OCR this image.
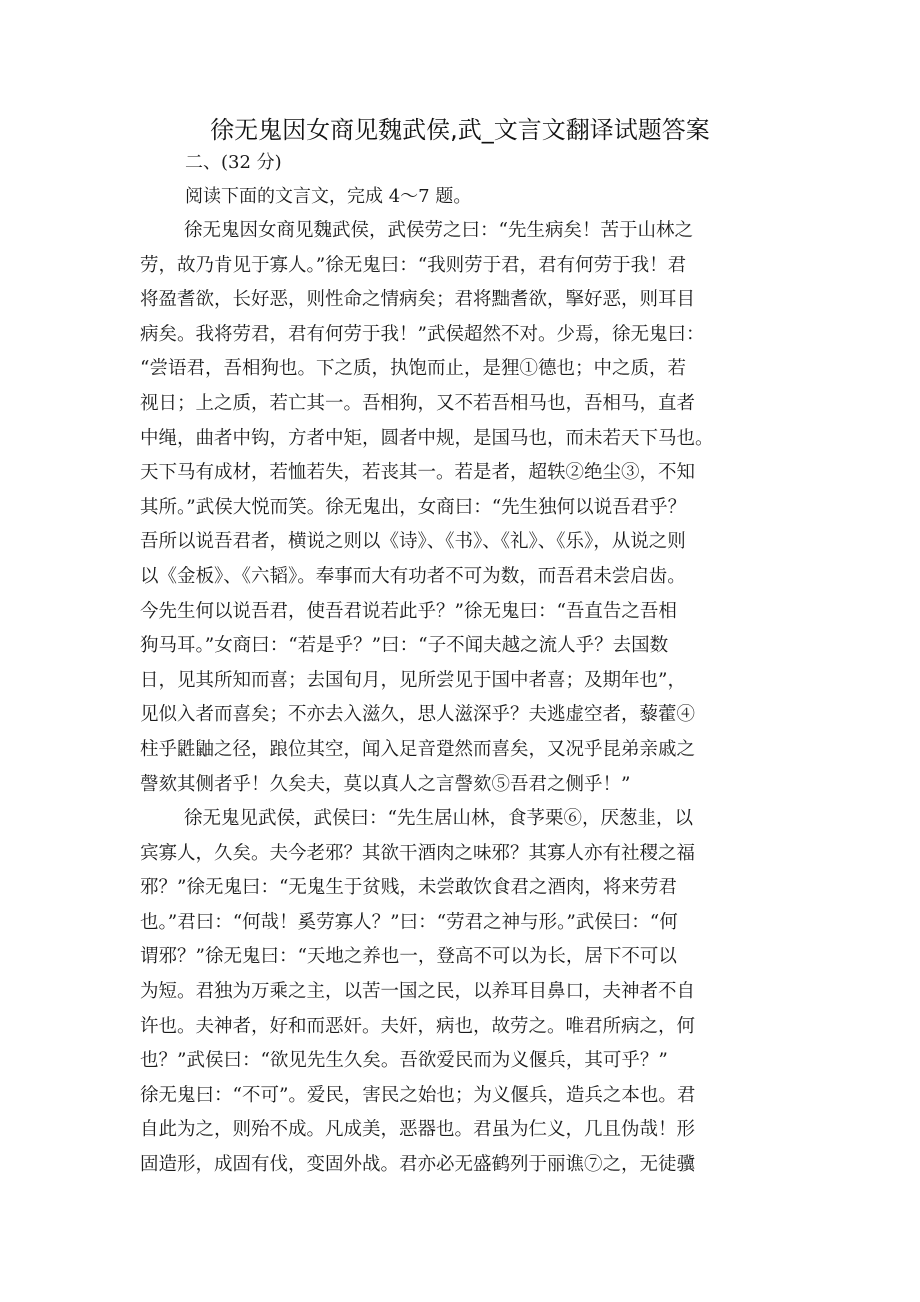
徐无鬼因女商见魏武侯,武_文言文翻译试题答案
二、(32 分)
阅读下面的文言文，完成 4～7 题。
徐无鬼因女商见魏武侯，武侯劳之曰：“先生病矣！苦于山林之
劳，故乃肯见于寡人。”徐无鬼曰：“我则劳于君，君有何劳于我！君
将盈耆欲，长好恶，则性命之情病矣；君将黜耆欲，掔好恶，则耳目
病矣。我将劳君，君有何劳于我！”武侯超然不对。少焉，徐无鬼曰：
“尝语君，吾相狗也。下之质，执饱而止，是狸①德也；中之质，若
视日；上之质，若亡其一。吾相狗，又不若吾相马也，吾相马，直者
中绳，曲者中钩，方者中矩，圆者中规，是国马也，而未若天下马也。
天下马有成材，若恤若失，若丧其一。若是者，超轶②绝尘③，不知
其所。”武侯大悦而笑。徐无鬼出，女商曰：“先生独何以说吾君乎？
吾所以说吾君者，横说之则以《诗》、《书》、《礼》、《乐》，从说之则
以《金板》、《六韬》。奉事而大有功者不可为数，而吾君未尝启齿。
今先生何以说吾君，使吾君说若此乎？”徐无鬼曰：“吾直告之吾相
狗马耳。”女商曰：“若是乎？”曰：“子不闻夫越之流人乎？去国数
日，见其所知而喜；去国旬月，见所尝见于国中者喜；及期年也”，
见似入者而喜矣；不亦去入滋久，思人滋深乎？夫逃虚空者，藜藿④
柱乎鼪鼬之径，踉位其空，闻入足音跫然而喜矣，又况乎昆弟亲戚之
謦欬其侧者乎！久矣夫，莫以真人之言謦欬⑤吾君之侧乎！”
徐无鬼见武侯，武侯曰：“先生居山林，食芧栗⑥，厌葱韭，以
宾寡人，久矣。夫今老邪？其欲干酒肉之味邪？其寡人亦有社稷之福
邪？”徐无鬼曰：“无鬼生于贫贱，未尝敢饮食君之酒肉，将来劳君
也。”君曰：“何哉！奚劳寡人？”曰：“劳君之神与形。”武侯曰：“何
谓邪？”徐无鬼曰：“天地之养也一，登高不可以为长，居下不可以
为短。君独为万乘之主，以苦一国之民，以养耳目鼻口，夫神者不自
许也。夫神者，好和而恶奸。夫奸，病也，故劳之。唯君所病之，何
也？”武侯曰：“欲见先生久矣。吾欲爱民而为义偃兵，其可乎？”
徐无鬼曰：“不可”。爱民，害民之始也；为义偃兵，造兵之本也。君
自此为之，则殆不成。凡成美，恶器也。君虽为仁义，几且伪哉！形
固造形，成固有伐，变固外战。君亦必无盛鹤列于丽谯⑦之，无徒骥
